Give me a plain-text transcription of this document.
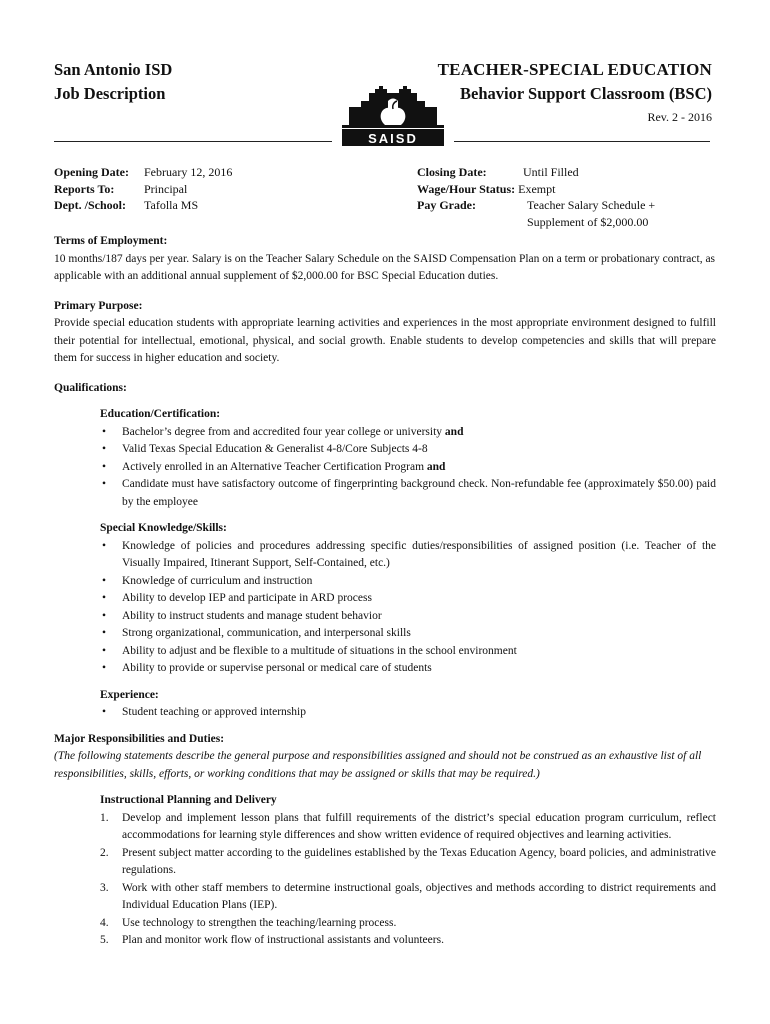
San Antonio ISD
Job Description
TEACHER-SPECIAL EDUCATION
Behavior Support Classroom (BSC)
Rev. 2 - 2016
SAISD
Opening Date: February 12, 2016
Reports To: Principal
Dept. /School: Tafolla MS
Closing Date:	Until Filled
Wage/Hour Status: Exempt
Pay Grade:	Teacher Salary Schedule +
Supplement of $2,000.00
Terms of Employment:

10 months/187 days per year. Salary is on the Teacher Salary Schedule on the SAISD Compensation Plan on a term or probationary contract, as applicable with an additional annual supplement of $2,000.00 for BSC Special Education duties.

Primary Purpose:

Provide special education students with appropriate learning activities and experiences in the most appropriate environment designed to fulfill their potential for intellectual, emotional, physical, and social growth. Enable students to develop competencies and skills that will prepare them for success in higher education and society.

Qualifications:
Education/Certification:
• Bachelor’s degree from and accredited four year college or university and
• Valid Texas Special Education & Generalist 4-8/Core Subjects 4-8
• Actively enrolled in an Alternative Teacher Certification Program and
• Candidate must have satisfactory outcome of fingerprinting background check. Non-refundable fee (approximately $50.00) paid by the employee
Special Knowledge/Skills:
• Knowledge of policies and procedures addressing specific duties/responsibilities of assigned position (i.e. Teacher of the Visually Impaired, Itinerant Support, Self-Contained, etc.)
• Knowledge of curriculum and instruction
• Ability to develop IEP and participate in ARD process
• Ability to instruct students and manage student behavior
• Strong organizational, communication, and interpersonal skills
• Ability to adjust and be flexible to a multitude of situations in the school environment
• Ability to provide or supervise personal or medical care of students
Experience:
• Student teaching or approved internship
Major Responsibilities and Duties:

(The following statements describe the general purpose and responsibilities assigned and should not be construed as an exhaustive list of all responsibilities, skills, efforts, or working conditions that may be assigned or skills that may be required.)

Instructional Planning and Delivery
1. Develop and implement lesson plans that fulfill requirements of the district’s special education program curriculum, reflect accommodations for learning style differences and show written evidence of required objectives and learning activities.
2. Present subject matter according to the guidelines established by the Texas Education Agency, board policies, and administrative regulations.
3. Work with other staff members to determine instructional goals, objectives and methods according to district requirements and Individual Education Plans (IEP).
4. Use technology to strengthen the teaching/learning process.
5. Plan and monitor work flow of instructional assistants and volunteers.
